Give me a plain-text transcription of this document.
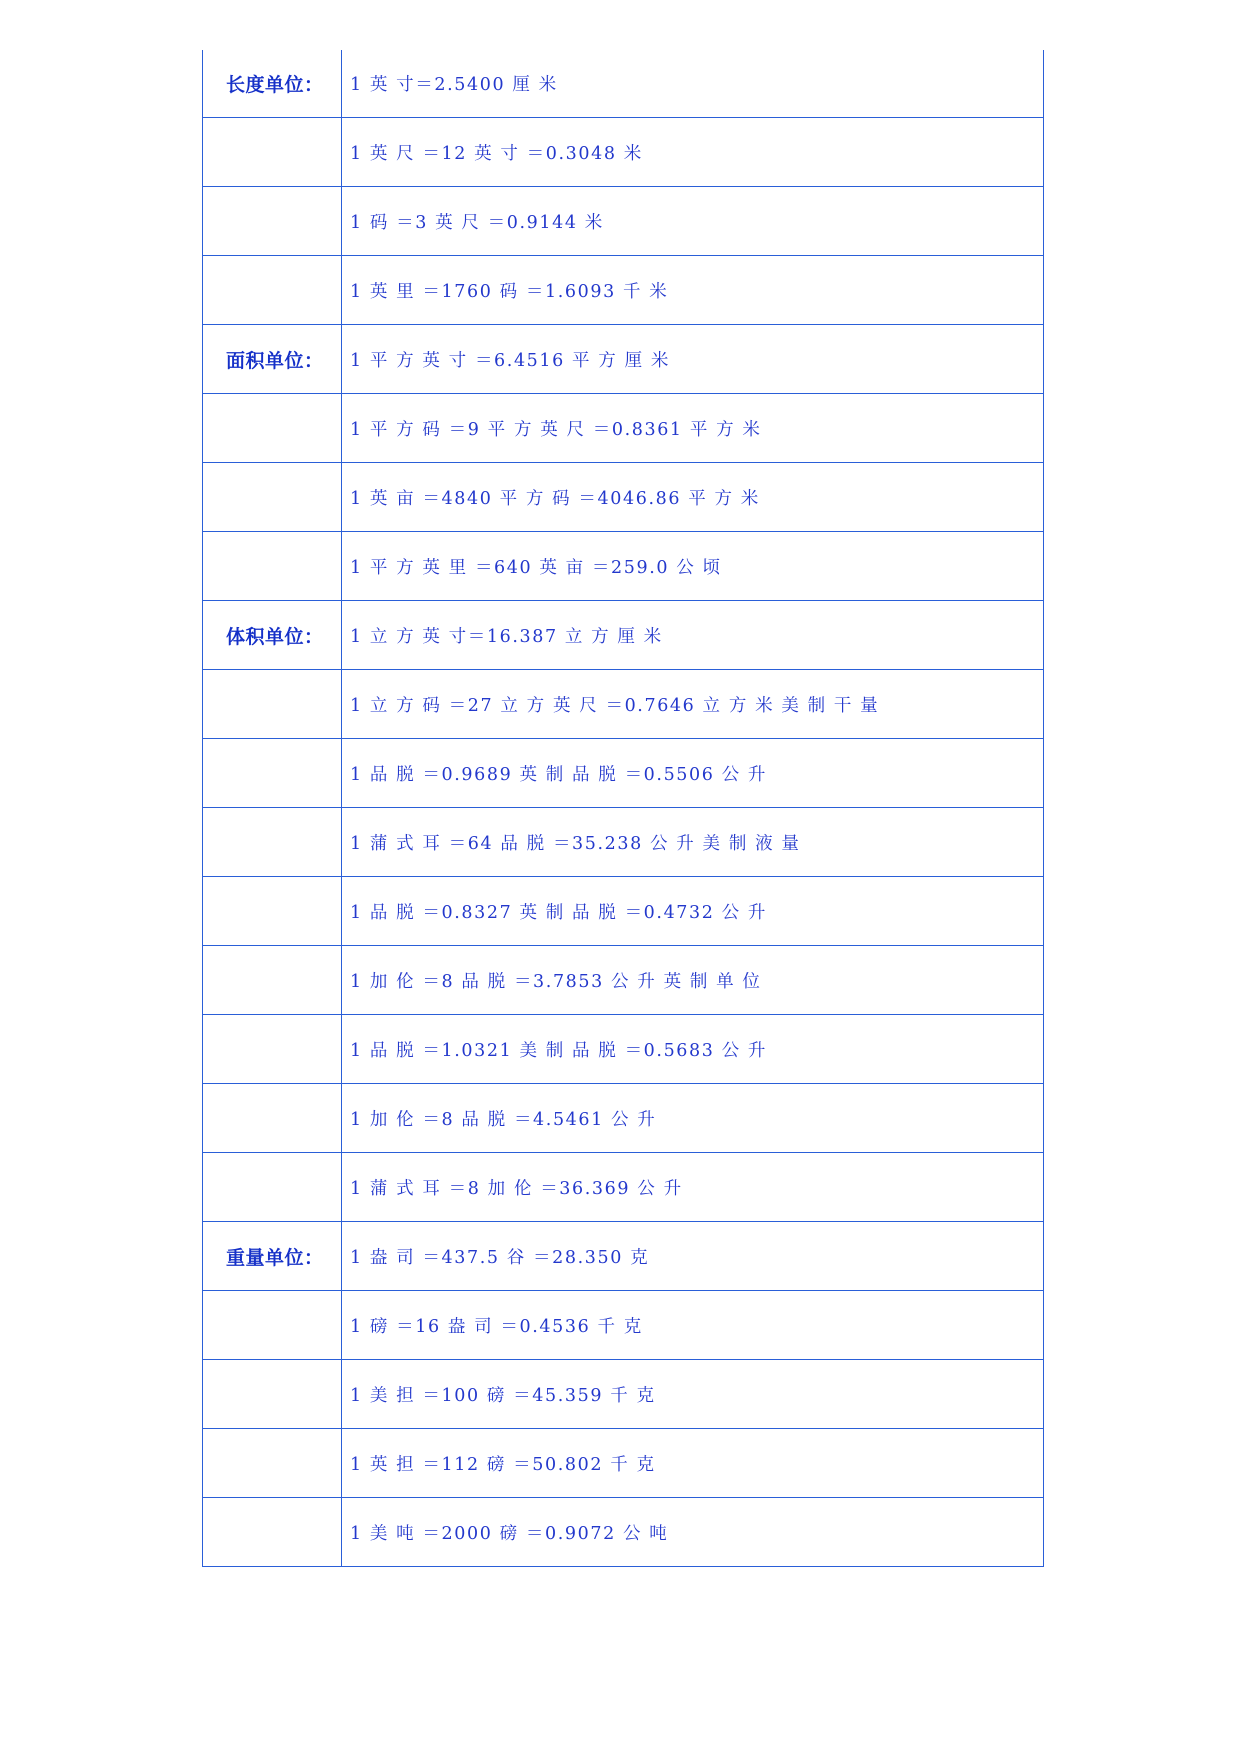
长度单位：	1 英 寸＝2.5400 厘 米
	1 英 尺 ＝12 英 寸 ＝0.3048 米
	1 码 ＝3 英 尺 ＝0.9144 米
	1 英 里 ＝1760 码 ＝1.6093 千 米
面积单位：	1 平 方 英 寸 ＝6.4516 平 方 厘 米
	1 平 方 码 ＝9 平 方 英 尺 ＝0.8361 平 方 米
	1 英 亩 ＝4840 平 方 码 ＝4046.86 平 方 米
	1 平 方 英 里 ＝640 英 亩 ＝259.0 公 顷
体积单位：	1 立 方 英 寸＝16.387 立 方 厘 米
	1 立 方 码 ＝27 立 方 英 尺 ＝0.7646 立 方 米 美 制 干 量
	1 品 脱 ＝0.9689 英 制 品 脱 ＝0.5506 公 升
	1 蒲 式 耳 ＝64 品 脱 ＝35.238 公 升 美 制 液 量
	1 品 脱 ＝0.8327 英 制 品 脱 ＝0.4732 公 升
	1 加 伦 ＝8 品 脱 ＝3.7853 公 升 英 制 单 位
	1 品 脱 ＝1.0321 美 制 品 脱 ＝0.5683 公 升
	1 加 伦 ＝8 品 脱 ＝4.5461 公 升
	1 蒲 式 耳 ＝8 加 伦 ＝36.369 公 升
重量单位：	1 盎 司 ＝437.5 谷 ＝28.350 克
	1 磅 ＝16 盎 司 ＝0.4536 千 克
	1 美 担 ＝100 磅 ＝45.359 千 克
	1 英 担 ＝112 磅 ＝50.802 千 克
	1 美 吨 ＝2000 磅 ＝0.9072 公 吨
